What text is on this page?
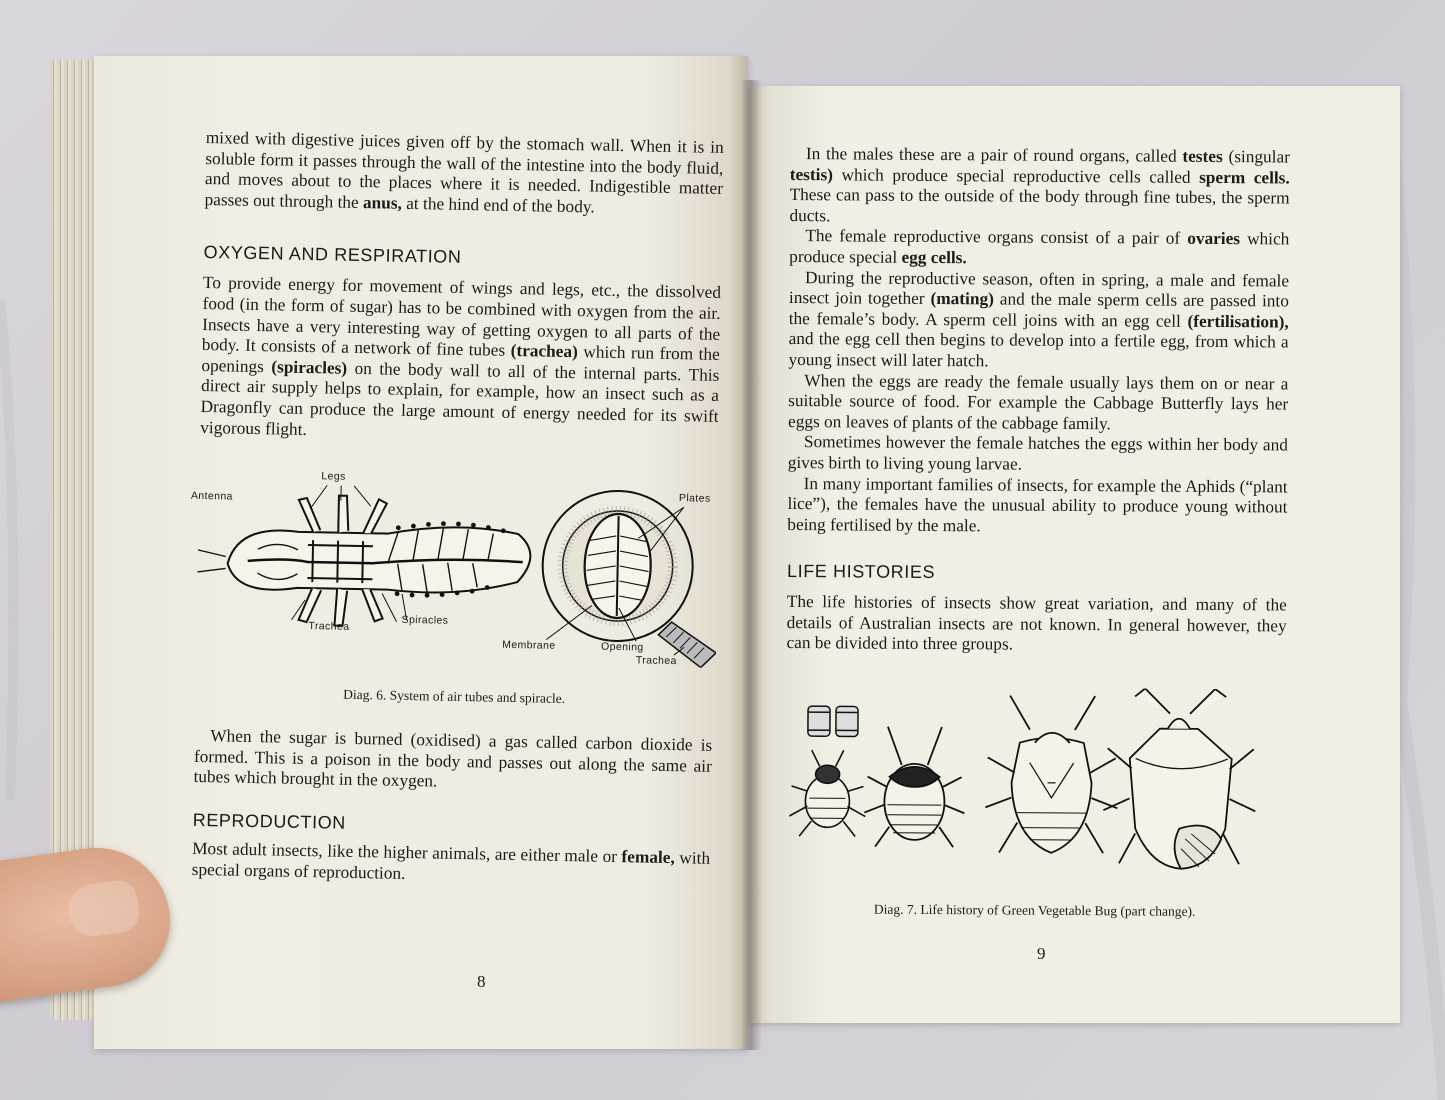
mixed with digestive juices given off by the stomach wall. When it is in soluble form it passes through the wall of the intestine into the body fluid, and moves about to the places where it is needed. Indigestible matter passes out through the anus, at the hind end of the body.

OXYGEN AND RESPIRATION

To provide energy for movement of wings and legs, etc., the dissolved food (in the form of sugar) has to be combined with oxygen from the air. Insects have a very interesting way of getting oxygen to all parts of the body. It consists of a network of fine tubes (trachea) which run from the openings (spiracles) on the body wall to all of the internal parts. This direct air supply helps to explain, for example, how an insect such as a Dragonfly can produce the large amount of energy needed for its swift vigorous flight.

Legs
Antenna
Trachea	Spiracles
Plates
Membrane	Opening
Trachea

Diag. 6. System of air tubes and spiracle.

When the sugar is burned (oxidised) a gas called carbon dioxide is formed. This is a poison in the body and passes out along the same air tubes which brought in the oxygen.

REPRODUCTION

Most adult insects, like the higher animals, are either male or female, with special organs of reproduction.

8

In the males these are a pair of round organs, called testes (singular testis) which produce special reproductive cells called sperm cells. These can pass to the outside of the body through fine tubes, the sperm ducts.

The female reproductive organs consist of a pair of ovaries which produce special egg cells.

During the reproductive season, often in spring, a male and female insect join together (mating) and the male sperm cells are passed into the female’s body. A sperm cell joins with an egg cell (fertilisation), and the egg cell then begins to develop into a fertile egg, from which a young insect will later hatch.

When the eggs are ready the female usually lays them on or near a suitable source of food. For example the Cabbage Butterfly lays her eggs on leaves of plants of the cabbage family.

Sometimes however the female hatches the eggs within her body and gives birth to living young larvae.

In many important families of insects, for example the Aphids (“plant lice”), the females have the unusual ability to produce young without being fertilised by the male.

LIFE HISTORIES

The life histories of insects show great variation, and many of the details of Australian insects are not known. In general however, they can be divided into three groups.

Diag. 7. Life history of Green Vegetable Bug (part change).

9
